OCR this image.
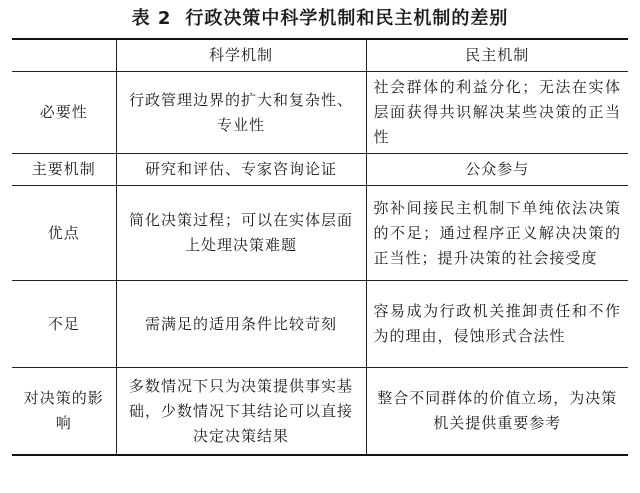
表 2 行政决策中科学机制和民主机制的差别
	科学机制	民主机制
必要性	行政管理边界的扩大和复杂性、专业性	社会群体的利益分化；无法在实体层面获得共识解决某些决策的正当性
主要机制	研究和评估、专家咨询论证	公众参与
优点	简化决策过程；可以在实体层面上处理决策难题	弥补间接民主机制下单纯依法决策的不足；通过程序正义解决决策的正当性；提升决策的社会接受度
不足	需满足的适用条件比较苛刻	容易成为行政机关推卸责任和不作为的理由，侵蚀形式合法性
对决策的影响	多数情况下只为决策提供事实基础，少数情况下其结论可以直接决定决策结果	整合不同群体的价值立场，为决策机关提供重要参考
